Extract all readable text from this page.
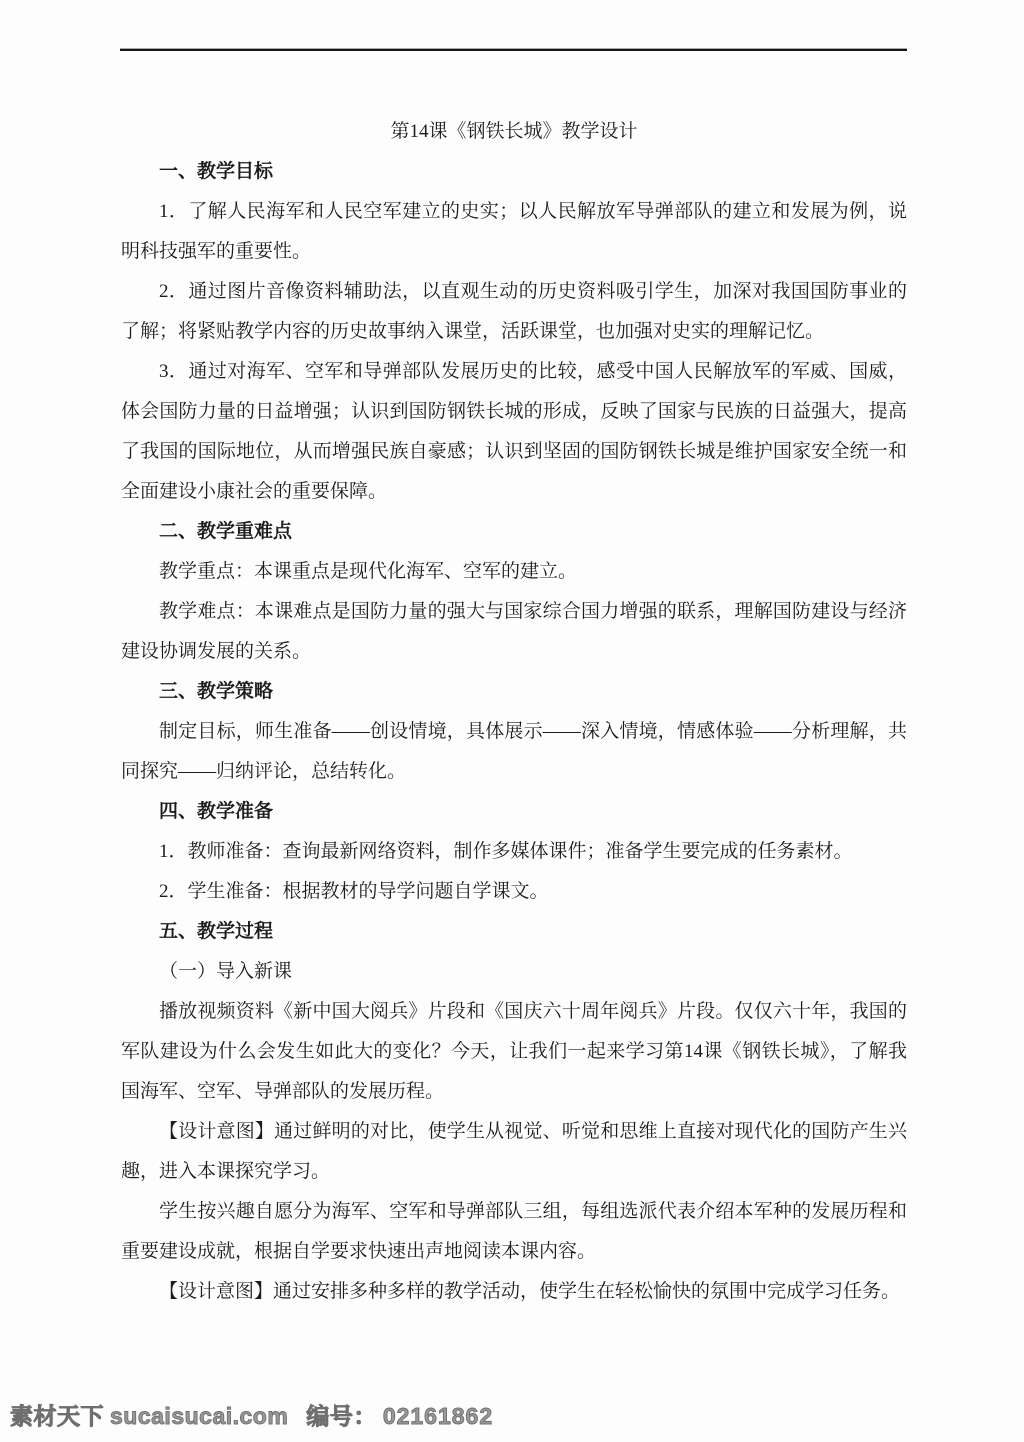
第14课《钢铁长城》教学设计

一、教学目标

1．了解人民海军和人民空军建立的史实；以人民解放军导弹部队的建立和发展为例，说明科技强军的重要性。

2．通过图片音像资料辅助法，以直观生动的历史资料吸引学生，加深对我国国防事业的了解；将紧贴教学内容的历史故事纳入课堂，活跃课堂，也加强对史实的理解记忆。

3．通过对海军、空军和导弹部队发展历史的比较，感受中国人民解放军的军威、国威，体会国防力量的日益增强；认识到国防钢铁长城的形成，反映了国家与民族的日益强大，提高了我国的国际地位，从而增强民族自豪感；认识到坚固的国防钢铁长城是维护国家安全统一和全面建设小康社会的重要保障。

二、教学重难点

教学重点：本课重点是现代化海军、空军的建立。

教学难点：本课难点是国防力量的强大与国家综合国力增强的联系，理解国防建设与经济建设协调发展的关系。

三、教学策略

制定目标，师生准备——创设情境，具体展示——深入情境，情感体验——分析理解，共同探究——归纳评论，总结转化。

四、教学准备

1．教师准备：查询最新网络资料，制作多媒体课件；准备学生要完成的任务素材。

2．学生准备：根据教材的导学问题自学课文。

五、教学过程

（一）导入新课

播放视频资料《新中国大阅兵》片段和《国庆六十周年阅兵》片段。仅仅六十年，我国的军队建设为什么会发生如此大的变化？今天，让我们一起来学习第14课《钢铁长城》，了解我国海军、空军、导弹部队的发展历程。

【设计意图】通过鲜明的对比，使学生从视觉、听觉和思维上直接对现代化的国防产生兴趣，进入本课探究学习。

学生按兴趣自愿分为海军、空军和导弹部队三组，每组选派代表介绍本军种的发展历程和重要建设成就，根据自学要求快速出声地阅读本课内容。

【设计意图】通过安排多种多样的教学活动，使学生在轻松愉快的氛围中完成学习任务。

素材天下 sucaisucai.com 编号： 02161862
